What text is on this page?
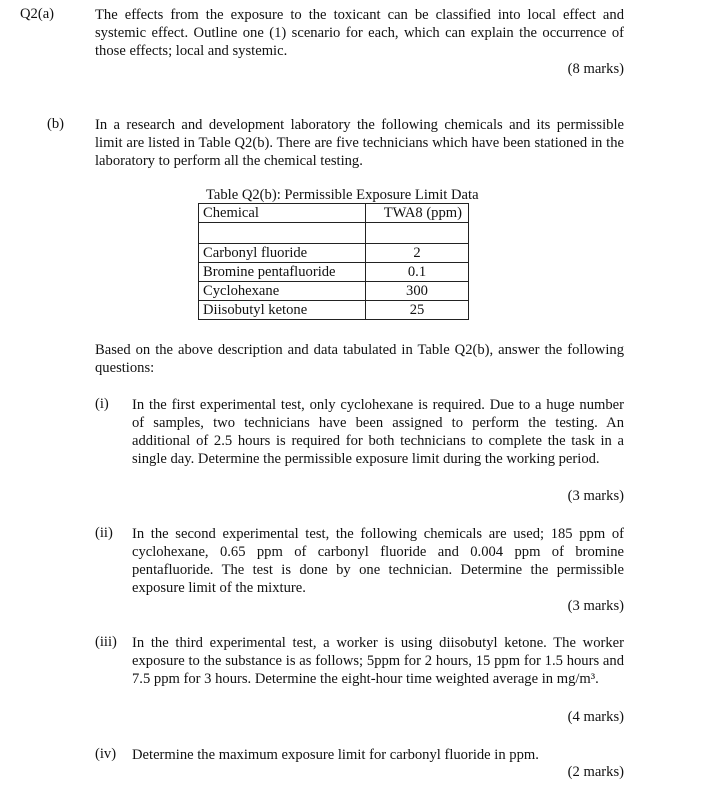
Q2(a)	The effects from the exposure to the toxicant can be classified into local effect and systemic effect. Outline one (1) scenario for each, which can explain the occurrence of those effects; local and systemic.
(8 marks)
(b) In a research and development laboratory the following chemicals and its permissible limit are listed in Table Q2(b). There are five technicians which have been stationed in the laboratory to perform all the chemical testing.
Table Q2(b): Permissible Exposure Limit Data
Chemical	TWA8 (ppm)

Carbonyl fluoride	2
Bromine pentafluoride	0.1
Cyclohexane	300
Diisobutyl ketone	25
Based on the above description and data tabulated in Table Q2(b), answer the following questions:
(i) In the first experimental test, only cyclohexane is required. Due to a huge number of samples, two technicians have been assigned to perform the testing. An additional of 2.5 hours is required for both technicians to complete the task in a single day. Determine the permissible exposure limit during the working period.
(3 marks)
(ii) In the second experimental test, the following chemicals are used; 185 ppm of cyclohexane, 0.65 ppm of carbonyl fluoride and 0.004 ppm of bromine pentafluoride. The test is done by one technician. Determine the permissible exposure limit of the mixture.
(3 marks)
(iii) In the third experimental test, a worker is using diisobutyl ketone. The worker exposure to the substance is as follows; 5ppm for 2 hours, 15 ppm for 1.5 hours and 7.5 ppm for 3 hours. Determine the eight-hour time weighted average in mg/m³.
(4 marks)
(iv) Determine the maximum exposure limit for carbonyl fluoride in ppm.
(2 marks)
